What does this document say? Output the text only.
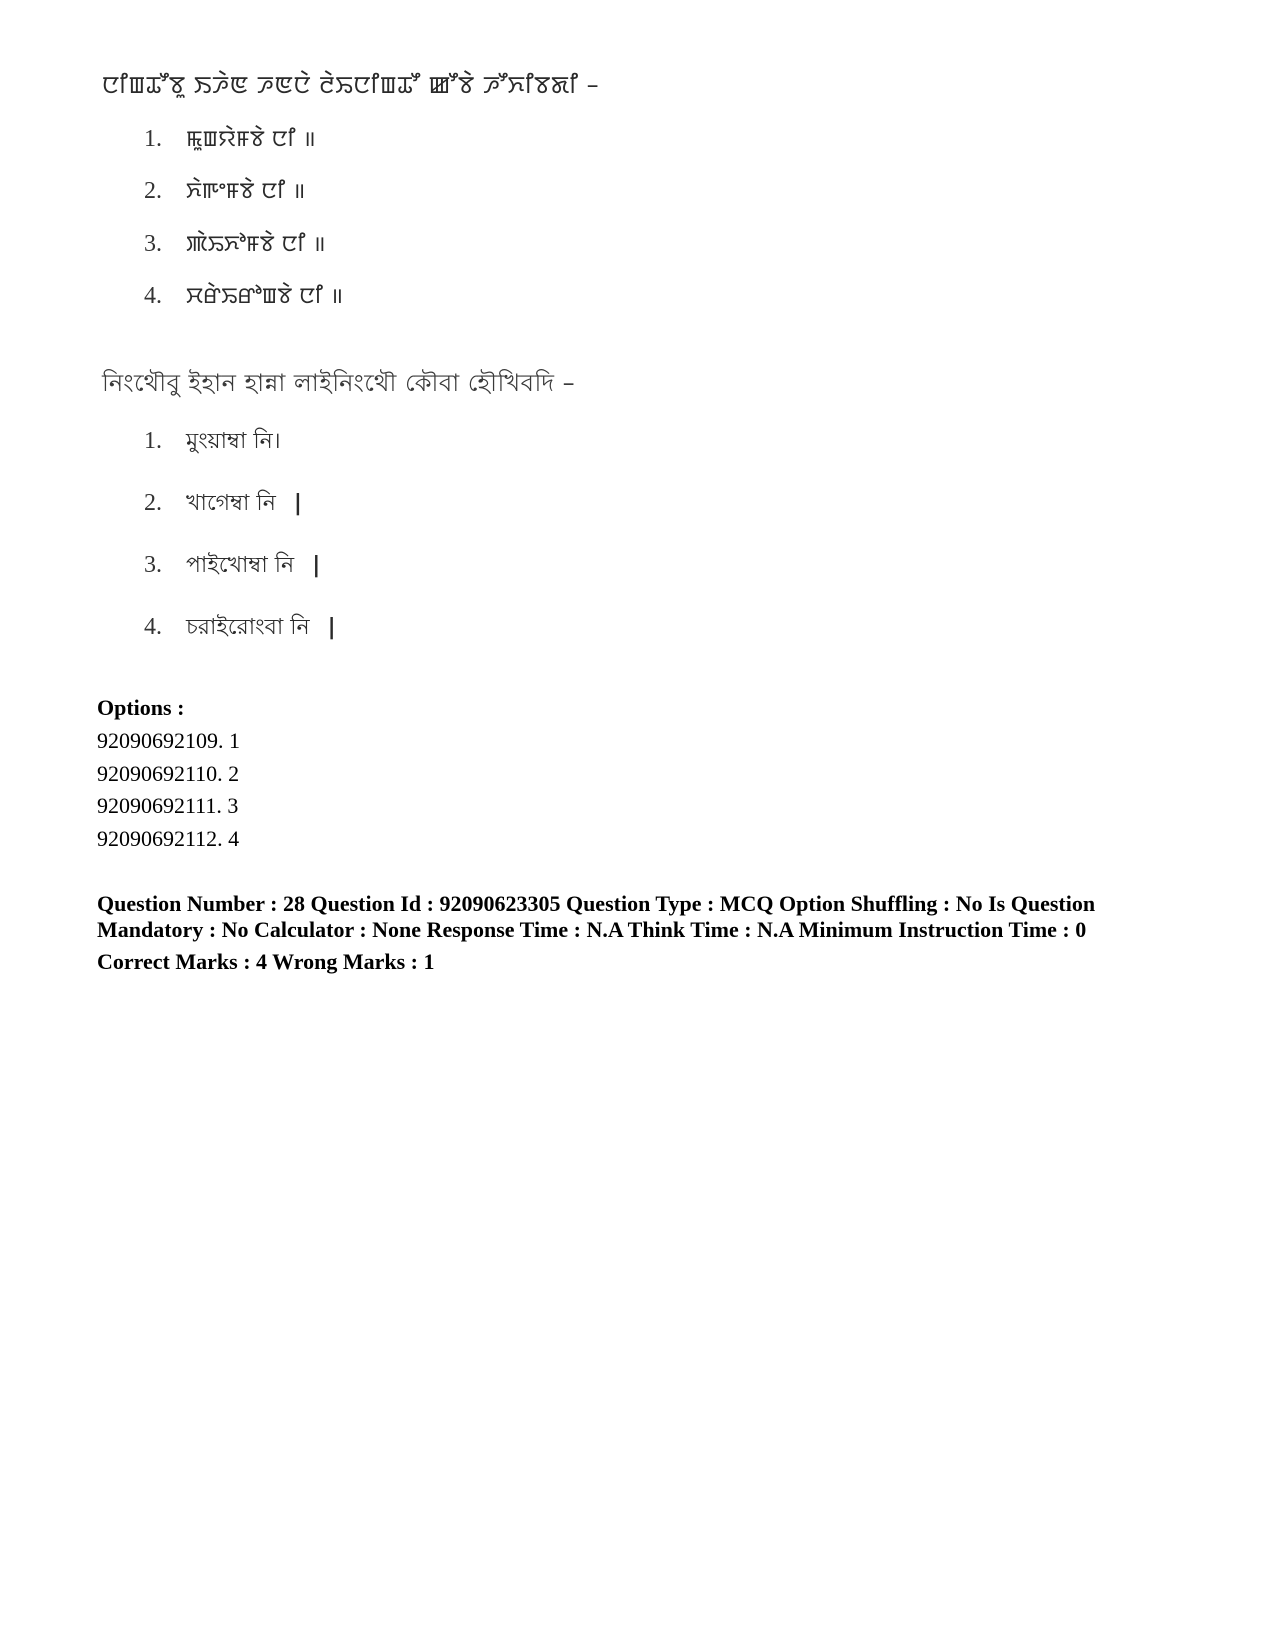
ꯅꯤꯡꯊꯧꯕꯨ ꯏꯍꯥꯟ ꯍꯟꯅꯥ ꯂꯥꯢꯅꯤꯡꯊꯧ ꯀꯧꯕꯥ ꯍꯧꯈꯤꯕꯗꯤ –

1. ꯃꯨꯡꯌꯥꯝꯕꯥ ꯅꯤ ॥
2. ꯈꯥꯒꯦꯝꯕꯥ ꯅꯤ ॥
3. ꯄꯥꯢꯈꯣꯝꯕꯥ ꯅꯤ ॥
4. ꯆꯔꯥꯢꯔꯣꯡꯕꯥ ꯅꯤ ॥

নিংথৌবু ইহান হান্না লাইনিংথৌ কৌবা হৌখিবদি –

1. মুংয়াম্বা নি।
2. খাগেম্বা নি |
3. পাইখোম্বা নি |
4. চরাইরোংবা নি |

Options :

92090692109. 1
92090692110. 2
92090692111. 3
92090692112. 4

Question Number : 28 Question Id : 92090623305 Question Type : MCQ Option Shuffling : No Is Question
Mandatory : No Calculator : None Response Time : N.A Think Time : N.A Minimum Instruction Time : 0
Correct Marks : 4 Wrong Marks : 1
